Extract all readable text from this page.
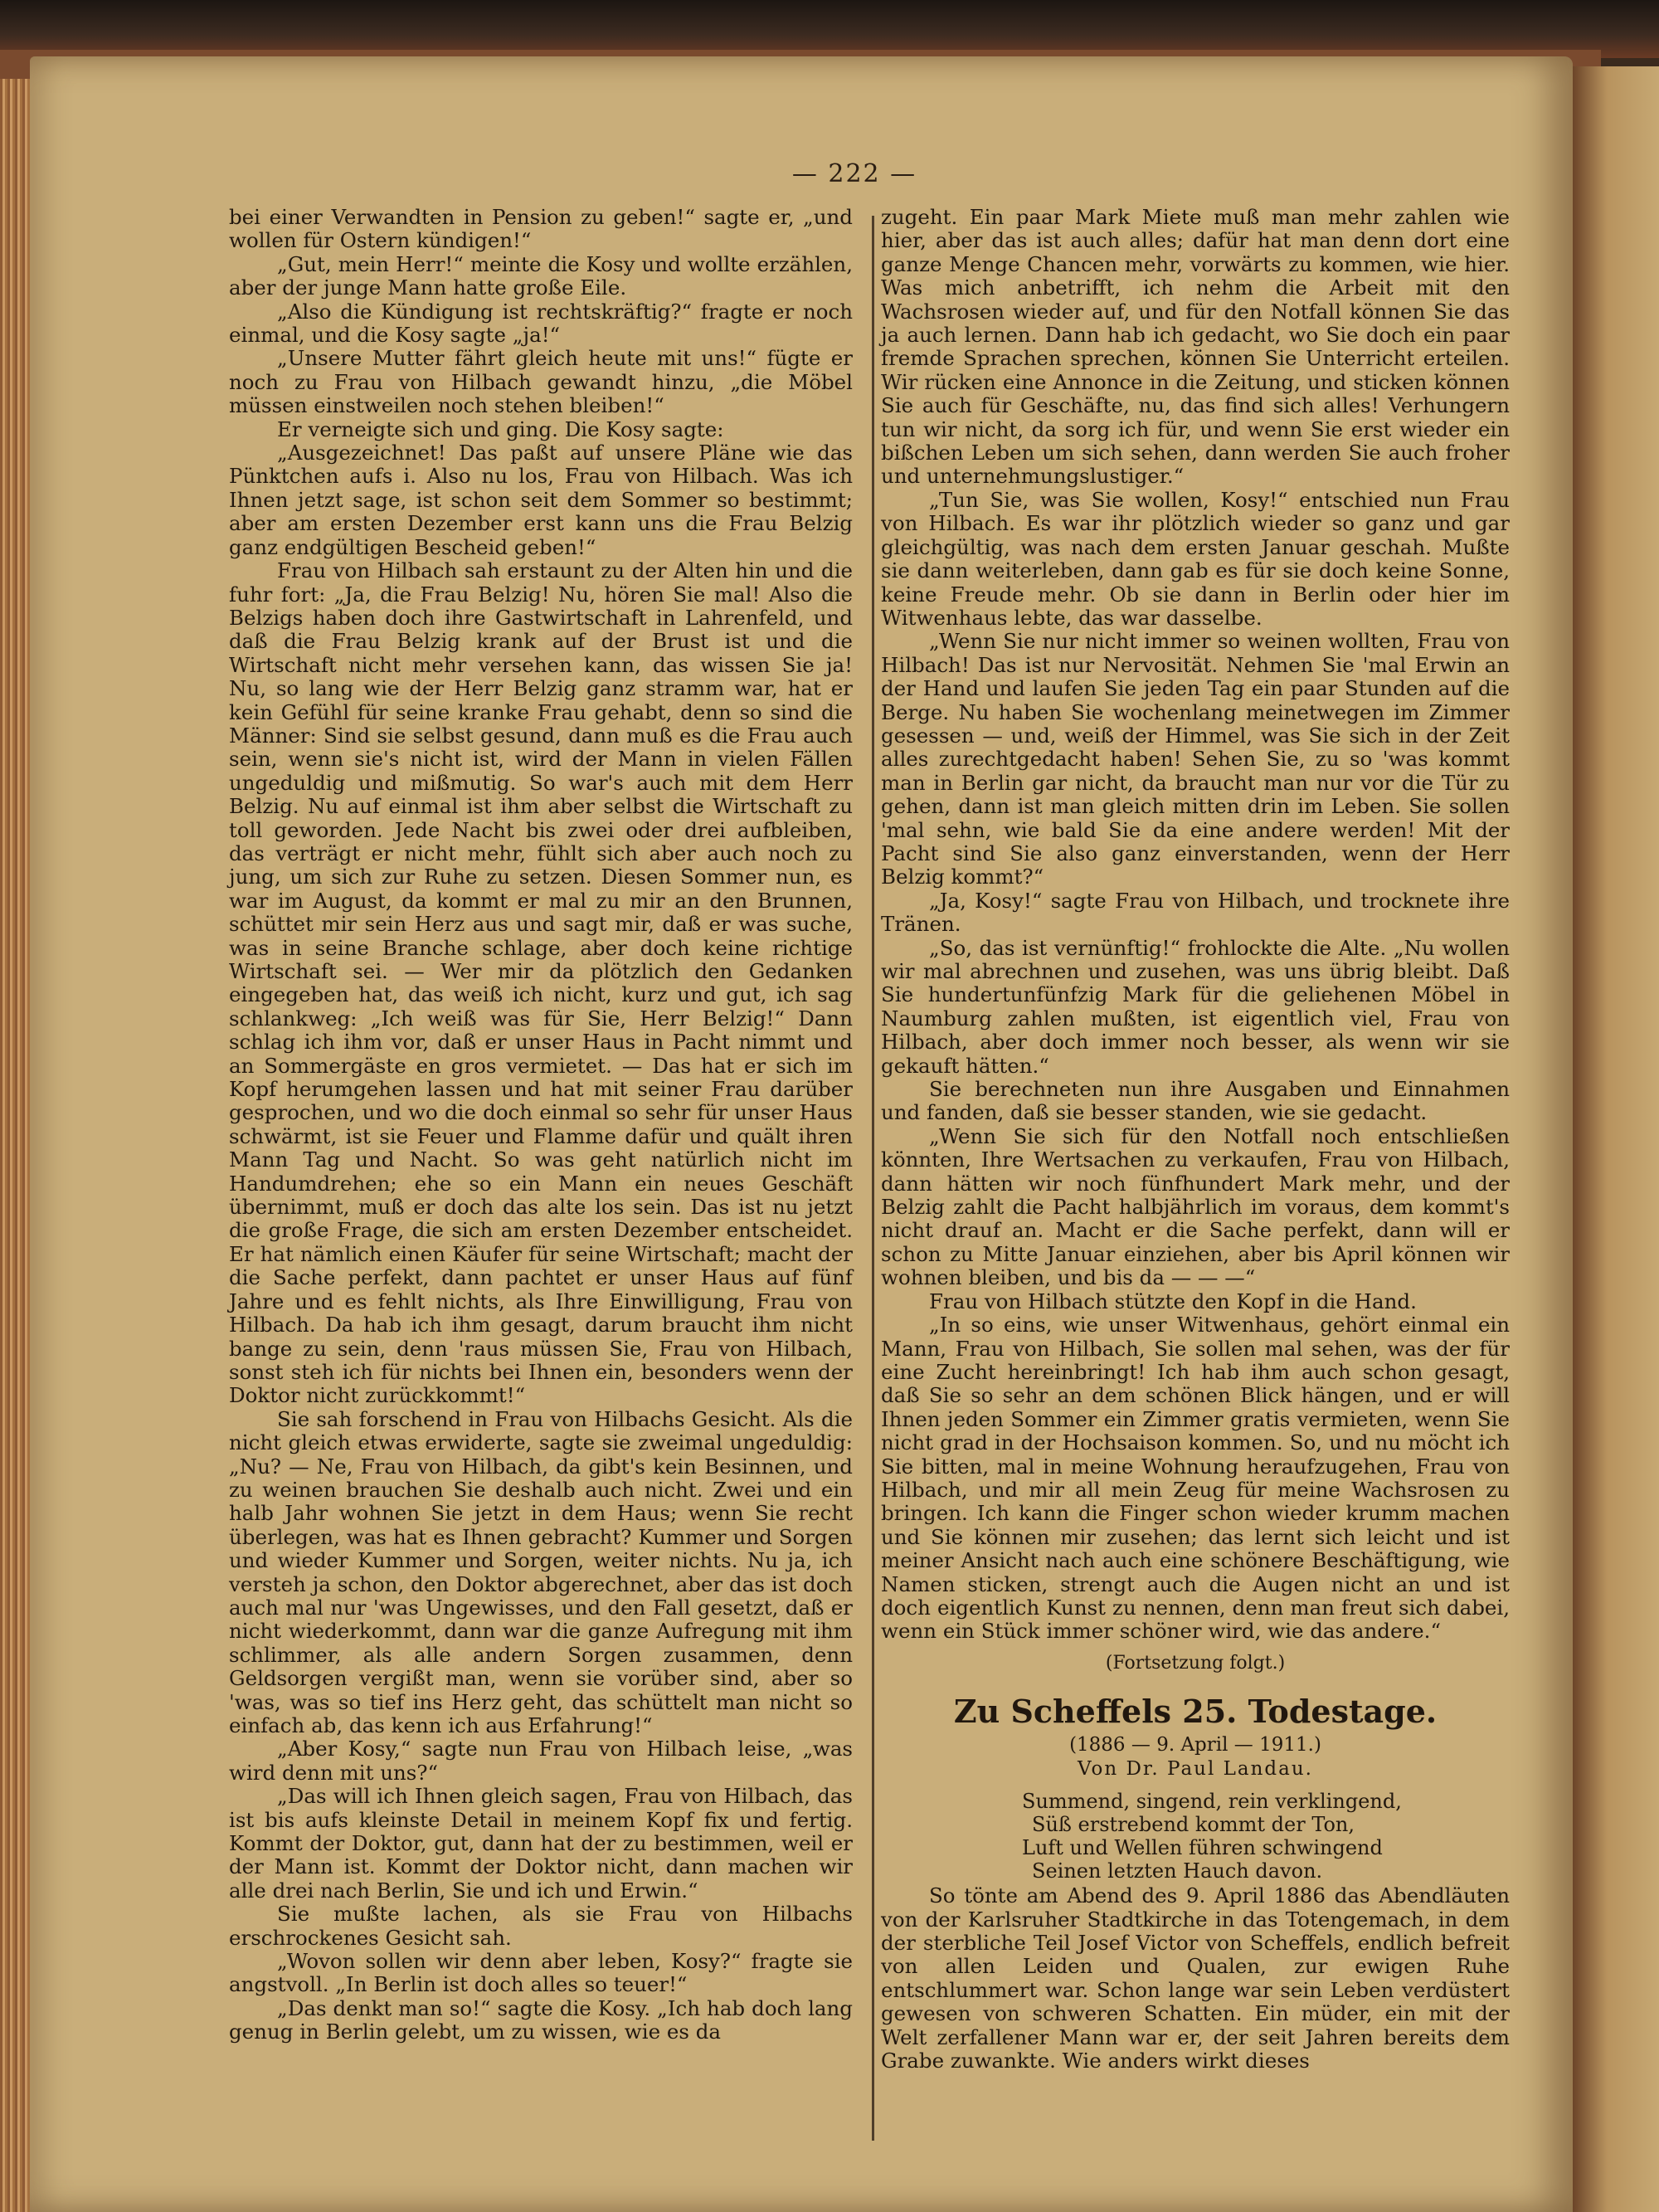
— 222 —

bei einer Verwandten in Pension zu geben!“ sagte er, „und wollen für Ostern kündigen!“

„Gut, mein Herr!“ meinte die Kosy und wollte erzählen, aber der junge Mann hatte große Eile.

„Also die Kündigung ist rechtskräftig?“ fragte er noch einmal, und die Kosy sagte „ja!“

„Unsere Mutter fährt gleich heute mit uns!“ fügte er noch zu Frau von Hilbach gewandt hinzu, „die Möbel müssen einstweilen noch stehen bleiben!“

Er verneigte sich und ging. Die Kosy sagte:

„Ausgezeichnet! Das paßt auf unsere Pläne wie das Pünktchen aufs i. Also nu los, Frau von Hilbach. Was ich Ihnen jetzt sage, ist schon seit dem Sommer so bestimmt; aber am ersten Dezember erst kann uns die Frau Belzig ganz endgültigen Bescheid geben!“

Frau von Hilbach sah erstaunt zu der Alten hin und die fuhr fort: „Ja, die Frau Belzig! Nu, hören Sie mal! Also die Belzigs haben doch ihre Gastwirtschaft in Lahrenfeld, und daß die Frau Belzig krank auf der Brust ist und die Wirtschaft nicht mehr versehen kann, das wissen Sie ja! Nu, so lang wie der Herr Belzig ganz stramm war, hat er kein Gefühl für seine kranke Frau gehabt, denn so sind die Männer: Sind sie selbst gesund, dann muß es die Frau auch sein, wenn sie's nicht ist, wird der Mann in vielen Fällen ungeduldig und mißmutig. So war's auch mit dem Herr Belzig. Nu auf einmal ist ihm aber selbst die Wirtschaft zu toll geworden. Jede Nacht bis zwei oder drei aufbleiben, das verträgt er nicht mehr, fühlt sich aber auch noch zu jung, um sich zur Ruhe zu setzen. Diesen Sommer nun, es war im August, da kommt er mal zu mir an den Brunnen, schüttet mir sein Herz aus und sagt mir, daß er was suche, was in seine Branche schlage, aber doch keine richtige Wirtschaft sei. — Wer mir da plötzlich den Gedanken eingegeben hat, das weiß ich nicht, kurz und gut, ich sag schlankweg: „Ich weiß was für Sie, Herr Belzig!“ Dann schlag ich ihm vor, daß er unser Haus in Pacht nimmt und an Sommergäste en gros vermietet. — Das hat er sich im Kopf herumgehen lassen und hat mit seiner Frau darüber gesprochen, und wo die doch einmal so sehr für unser Haus schwärmt, ist sie Feuer und Flamme dafür und quält ihren Mann Tag und Nacht. So was geht natürlich nicht im Handumdrehen; ehe so ein Mann ein neues Geschäft übernimmt, muß er doch das alte los sein. Das ist nu jetzt die große Frage, die sich am ersten Dezember entscheidet. Er hat nämlich einen Käufer für seine Wirtschaft; macht der die Sache perfekt, dann pachtet er unser Haus auf fünf Jahre und es fehlt nichts, als Ihre Einwilligung, Frau von Hilbach. Da hab ich ihm gesagt, darum braucht ihm nicht bange zu sein, denn 'raus müssen Sie, Frau von Hilbach, sonst steh ich für nichts bei Ihnen ein, besonders wenn der Doktor nicht zurückkommt!“

Sie sah forschend in Frau von Hilbachs Gesicht. Als die nicht gleich etwas erwiderte, sagte sie zweimal ungeduldig: „Nu? — Ne, Frau von Hilbach, da gibt's kein Besinnen, und zu weinen brauchen Sie deshalb auch nicht. Zwei und ein halb Jahr wohnen Sie jetzt in dem Haus; wenn Sie recht überlegen, was hat es Ihnen gebracht? Kummer und Sorgen und wieder Kummer und Sorgen, weiter nichts. Nu ja, ich versteh ja schon, den Doktor abgerechnet, aber das ist doch auch mal nur 'was Ungewisses, und den Fall gesetzt, daß er nicht wiederkommt, dann war die ganze Aufregung mit ihm schlimmer, als alle andern Sorgen zusammen, denn Geldsorgen vergißt man, wenn sie vorüber sind, aber so 'was, was so tief ins Herz geht, das schüttelt man nicht so einfach ab, das kenn ich aus Erfahrung!“

„Aber Kosy,“ sagte nun Frau von Hilbach leise, „was wird denn mit uns?“

„Das will ich Ihnen gleich sagen, Frau von Hilbach, das ist bis aufs kleinste Detail in meinem Kopf fix und fertig. Kommt der Doktor, gut, dann hat der zu bestimmen, weil er der Mann ist. Kommt der Doktor nicht, dann machen wir alle drei nach Berlin, Sie und ich und Erwin.“

Sie mußte lachen, als sie Frau von Hilbachs erschrockenes Gesicht sah.

„Wovon sollen wir denn aber leben, Kosy?“ fragte sie angstvoll. „In Berlin ist doch alles so teuer!“

„Das denkt man so!“ sagte die Kosy. „Ich hab doch lang genug in Berlin gelebt, um zu wissen, wie es da

zugeht. Ein paar Mark Miete muß man mehr zahlen wie hier, aber das ist auch alles; dafür hat man denn dort eine ganze Menge Chancen mehr, vorwärts zu kommen, wie hier. Was mich anbetrifft, ich nehm die Arbeit mit den Wachsrosen wieder auf, und für den Notfall können Sie das ja auch lernen. Dann hab ich gedacht, wo Sie doch ein paar fremde Sprachen sprechen, können Sie Unterricht erteilen. Wir rücken eine Annonce in die Zeitung, und sticken können Sie auch für Geschäfte, nu, das find sich alles! Verhungern tun wir nicht, da sorg ich für, und wenn Sie erst wieder ein bißchen Leben um sich sehen, dann werden Sie auch froher und unternehmungslustiger.“

„Tun Sie, was Sie wollen, Kosy!“ entschied nun Frau von Hilbach. Es war ihr plötzlich wieder so ganz und gar gleichgültig, was nach dem ersten Januar geschah. Mußte sie dann weiterleben, dann gab es für sie doch keine Sonne, keine Freude mehr. Ob sie dann in Berlin oder hier im Witwenhaus lebte, das war dasselbe.

„Wenn Sie nur nicht immer so weinen wollten, Frau von Hilbach! Das ist nur Nervosität. Nehmen Sie 'mal Erwin an der Hand und laufen Sie jeden Tag ein paar Stunden auf die Berge. Nu haben Sie wochenlang meinetwegen im Zimmer gesessen — und, weiß der Himmel, was Sie sich in der Zeit alles zurechtgedacht haben! Sehen Sie, zu so 'was kommt man in Berlin gar nicht, da braucht man nur vor die Tür zu gehen, dann ist man gleich mitten drin im Leben. Sie sollen 'mal sehn, wie bald Sie da eine andere werden! Mit der Pacht sind Sie also ganz einverstanden, wenn der Herr Belzig kommt?“

„Ja, Kosy!“ sagte Frau von Hilbach, und trocknete ihre Tränen.

„So, das ist vernünftig!“ frohlockte die Alte. „Nu wollen wir mal abrechnen und zusehen, was uns übrig bleibt. Daß Sie hundertunfünfzig Mark für die geliehenen Möbel in Naumburg zahlen mußten, ist eigentlich viel, Frau von Hilbach, aber doch immer noch besser, als wenn wir sie gekauft hätten.“

Sie berechneten nun ihre Ausgaben und Einnahmen und fanden, daß sie besser standen, wie sie gedacht.

„Wenn Sie sich für den Notfall noch entschließen könnten, Ihre Wertsachen zu verkaufen, Frau von Hilbach, dann hätten wir noch fünfhundert Mark mehr, und der Belzig zahlt die Pacht halbjährlich im voraus, dem kommt's nicht drauf an. Macht er die Sache perfekt, dann will er schon zu Mitte Januar einziehen, aber bis April können wir wohnen bleiben, und bis da — — —“

Frau von Hilbach stützte den Kopf in die Hand.

„In so eins, wie unser Witwenhaus, gehört einmal ein Mann, Frau von Hilbach, Sie sollen mal sehen, was der für eine Zucht hereinbringt! Ich hab ihm auch schon gesagt, daß Sie so sehr an dem schönen Blick hängen, und er will Ihnen jeden Sommer ein Zimmer gratis vermieten, wenn Sie nicht grad in der Hochsaison kommen. So, und nu möcht ich Sie bitten, mal in meine Wohnung heraufzugehen, Frau von Hilbach, und mir all mein Zeug für meine Wachsrosen zu bringen. Ich kann die Finger schon wieder krumm machen und Sie können mir zusehen; das lernt sich leicht und ist meiner Ansicht nach auch eine schönere Beschäftigung, wie Namen sticken, strengt auch die Augen nicht an und ist doch eigentlich Kunst zu nennen, denn man freut sich dabei, wenn ein Stück immer schöner wird, wie das andere.“

(Fortsetzung folgt.)
Zu Scheffels 25. Todestage.
(1886 — 9. April — 1911.)
Von Dr. Paul Landau.
Summend, singend, rein verklingend,
Süß erstrebend kommt der Ton,
Luft und Wellen führen schwingend
Seinen letzten Hauch davon.

So tönte am Abend des 9. April 1886 das Abendläuten von der Karlsruher Stadtkirche in das Totengemach, in dem der sterbliche Teil Josef Victor von Scheffels, endlich befreit von allen Leiden und Qualen, zur ewigen Ruhe entschlummert war. Schon lange war sein Leben verdüstert gewesen von schweren Schatten. Ein müder, ein mit der Welt zerfallener Mann war er, der seit Jahren bereits dem Grabe zuwankte. Wie anders wirkt dieses
